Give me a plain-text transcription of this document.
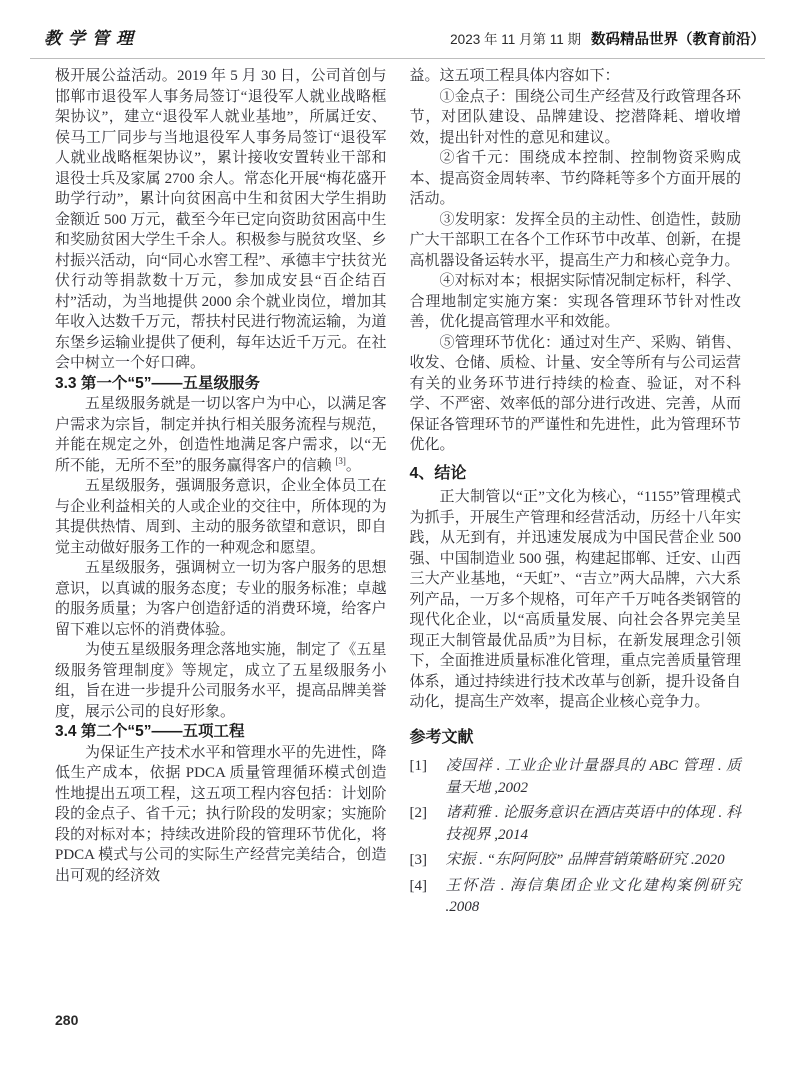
教学管理	2023 年 11 月第 11 期 数码精品世界（教育前沿）

极开展公益活动。2019 年 5 月 30 日，公司首创与邯郸市退役军人事务局签订“退役军人就业战略框架协议”，建立“退役军人就业基地”，所属迁安、侯马工厂同步与当地退役军人事务局签订“退役军人就业战略框架协议”，累计接收安置转业干部和退役士兵及家属 2700 余人。常态化开展“梅花盛开助学行动”，累计向贫困高中生和贫困大学生捐助金额近 500 万元，截至今年已定向资助贫困高中生和奖励贫困大学生千余人。积极参与脱贫攻坚、乡村振兴活动，向“同心水窖工程”、承德丰宁扶贫光伏行动等捐款数十万元，参加成安县“百企结百村”活动，为当地提供 2000 余个就业岗位，增加其年收入达数千万元，帮扶村民进行物流运输，为道东堡乡运输业提供了便利，每年达近千万元。在社会中树立一个好口碑。

3.3 第一个“5”——五星级服务

五星级服务就是一切以客户为中心，以满足客户需求为宗旨，制定并执行相关服务流程与规范，并能在规定之外，创造性地满足客户需求，以“无所不能，无所不至”的服务赢得客户的信赖 [3]。

五星级服务，强调服务意识，企业全体员工在与企业利益相关的人或企业的交往中，所体现的为其提供热情、周到、主动的服务欲望和意识，即自觉主动做好服务工作的一种观念和愿望。

五星级服务，强调树立一切为客户服务的思想意识，以真诚的服务态度；专业的服务标准；卓越的服务质量；为客户创造舒适的消费环境，给客户留下难以忘怀的消费体验。

为使五星级服务理念落地实施，制定了《五星级服务管理制度》等规定，成立了五星级服务小组，旨在进一步提升公司服务水平，提高品牌美誉度，展示公司的良好形象。

3.4 第二个“5”——五项工程

为保证生产技术水平和管理水平的先进性，降低生产成本，依据 PDCA 质量管理循环模式创造性地提出五项工程，这五项工程内容包括：计划阶段的金点子、省千元；执行阶段的发明家；实施阶段的对标对本；持续改进阶段的管理环节优化，将 PDCA 模式与公司的实际生产经营完美结合，创造出可观的经济效

益。这五项工程具体内容如下：

①金点子：围绕公司生产经营及行政管理各环节，对团队建设、品牌建设、挖潜降耗、增收增效，提出针对性的意见和建议。

②省千元：围绕成本控制、控制物资采购成本、提高资金周转率、节约降耗等多个方面开展的活动。

③发明家：发挥全员的主动性、创造性，鼓励广大干部职工在各个工作环节中改革、创新，在提高机器设备运转水平，提高生产力和核心竞争力。

④对标对本；根据实际情况制定标杆，科学、合理地制定实施方案：实现各管理环节针对性改善，优化提高管理水平和效能。

⑤管理环节优化：通过对生产、采购、销售、收发、仓储、质检、计量、安全等所有与公司运营有关的业务环节进行持续的检查、验证，对不科学、不严密、效率低的部分进行改进、完善，从而保证各管理环节的严谨性和先进性，此为管理环节优化。

4、结论

正大制管以“正”文化为核心，“1155”管理模式为抓手，开展生产管理和经营活动，历经十八年实践，从无到有，并迅速发展成为中国民营企业 500 强、中国制造业 500 强，构建起邯郸、迁安、山西三大产业基地，“天虹”、“吉立”两大品牌，六大系列产品，一万多个规格，可年产千万吨各类钢管的现代化企业，以“高质量发展、向社会各界完美呈现正大制管最优品质”为目标，在新发展理念引领下，全面推进质量标准化管理，重点完善质量管理体系，通过持续进行技术改革与创新，提升设备自动化，提高生产效率，提高企业核心竞争力。

参考文献
[1]	凌国祥 . 工业企业计量器具的 ABC 管理 . 质量天地 ,2002
[2]	诸莉雅 . 论服务意识在酒店英语中的体现 . 科技视界 ,2014
[3]	宋振 . “东阿阿胶” 品牌营销策略研究 .2020
[4]	王怀浩 . 海信集团企业文化建构案例研究 .2008
280
